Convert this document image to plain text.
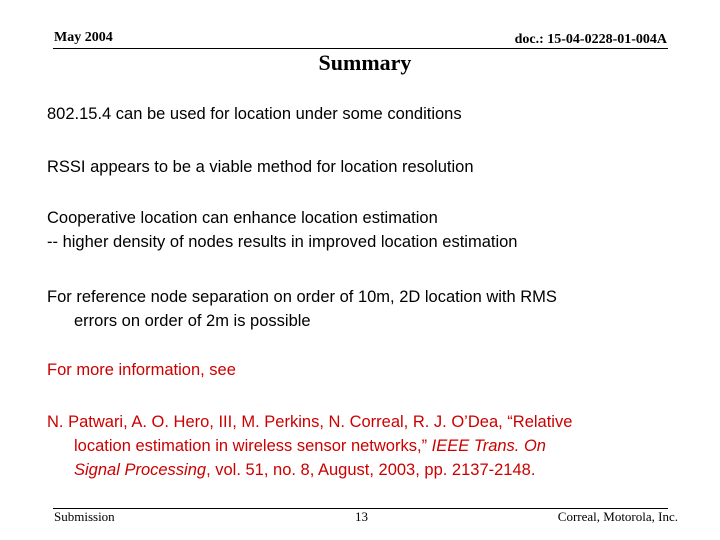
May 2004	doc.: 15-04-0228-01-004A
Summary
802.15.4 can be used for location under some conditions
RSSI appears to be a viable method for location resolution
Cooperative location can enhance location estimation
-- higher density of nodes results in improved location estimation
For reference node separation on order of 10m, 2D location with RMS
errors on order of 2m is possible
For more information, see
N. Patwari, A. O. Hero, III, M. Perkins, N. Correal, R. J. O’Dea, “Relative
location estimation in wireless sensor networks,” IEEE Trans. On
Signal Processing, vol. 51, no. 8, August, 2003, pp. 2137-2148.
Submission	13	Correal, Motorola, Inc.
